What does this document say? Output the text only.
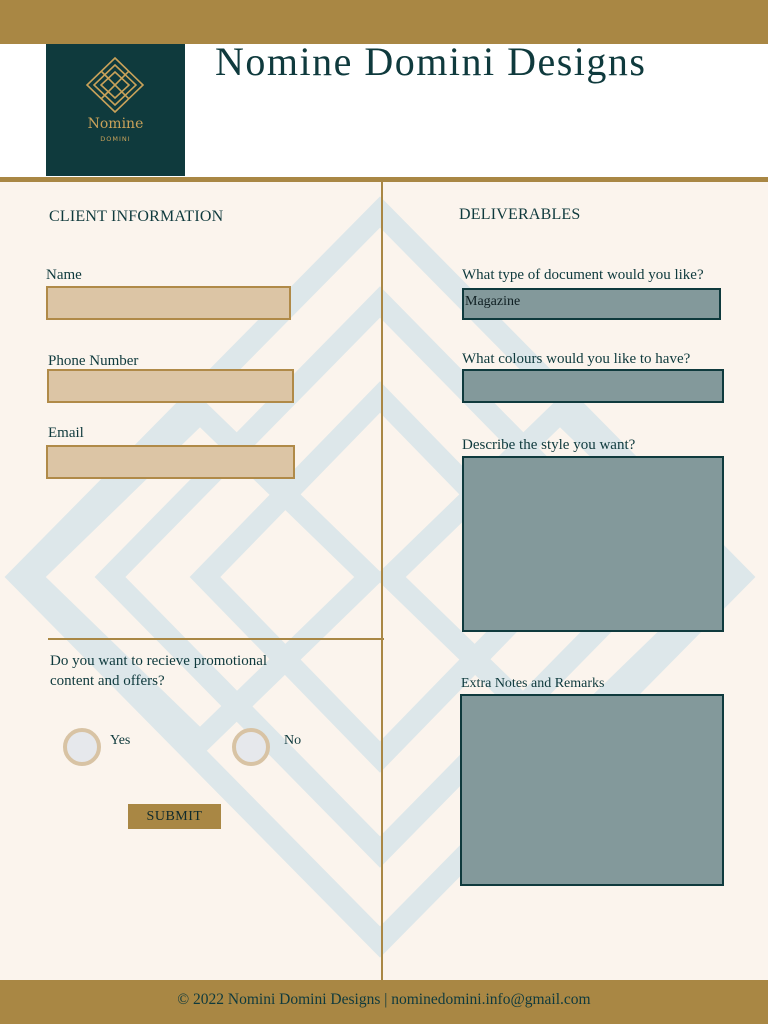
Nomine
DOMINI
Nomine Domini Designs

CLIENT INFORMATION

Name

Phone Number

Email

Do you want to recieve promotional

content and offers?

Yes	No

SUBMIT

DELIVERABLES

What type of document would you like?

Magazine

What colours would you like to have?

Describe the style you want?

Extra Notes and Remarks

© 2022 Nomini Domini Designs | nominedomini.info@gmail.com
